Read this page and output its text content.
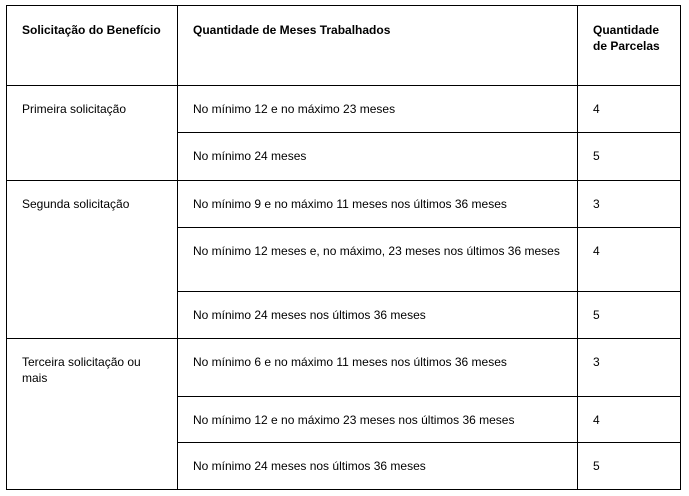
Solicitação do Benefício	Quantidade de Meses Trabalhados	Quantidade de Parcelas
Primeira solicitação	No mínimo 12 e no máximo 23 meses	4
	No mínimo 24 meses	5
Segunda solicitação	No mínimo 9 e no máximo 11 meses nos últimos 36 meses	3
	No mínimo 12 meses e, no máximo, 23 meses nos últimos 36 meses	4
	No mínimo 24 meses nos últimos 36 meses	5
Terceira solicitação ou mais	No mínimo 6 e no máximo 11 meses nos últimos 36 meses	3
	No mínimo 12 e no máximo 23 meses nos últimos 36 meses	4
	No mínimo 24 meses nos últimos 36 meses	5
